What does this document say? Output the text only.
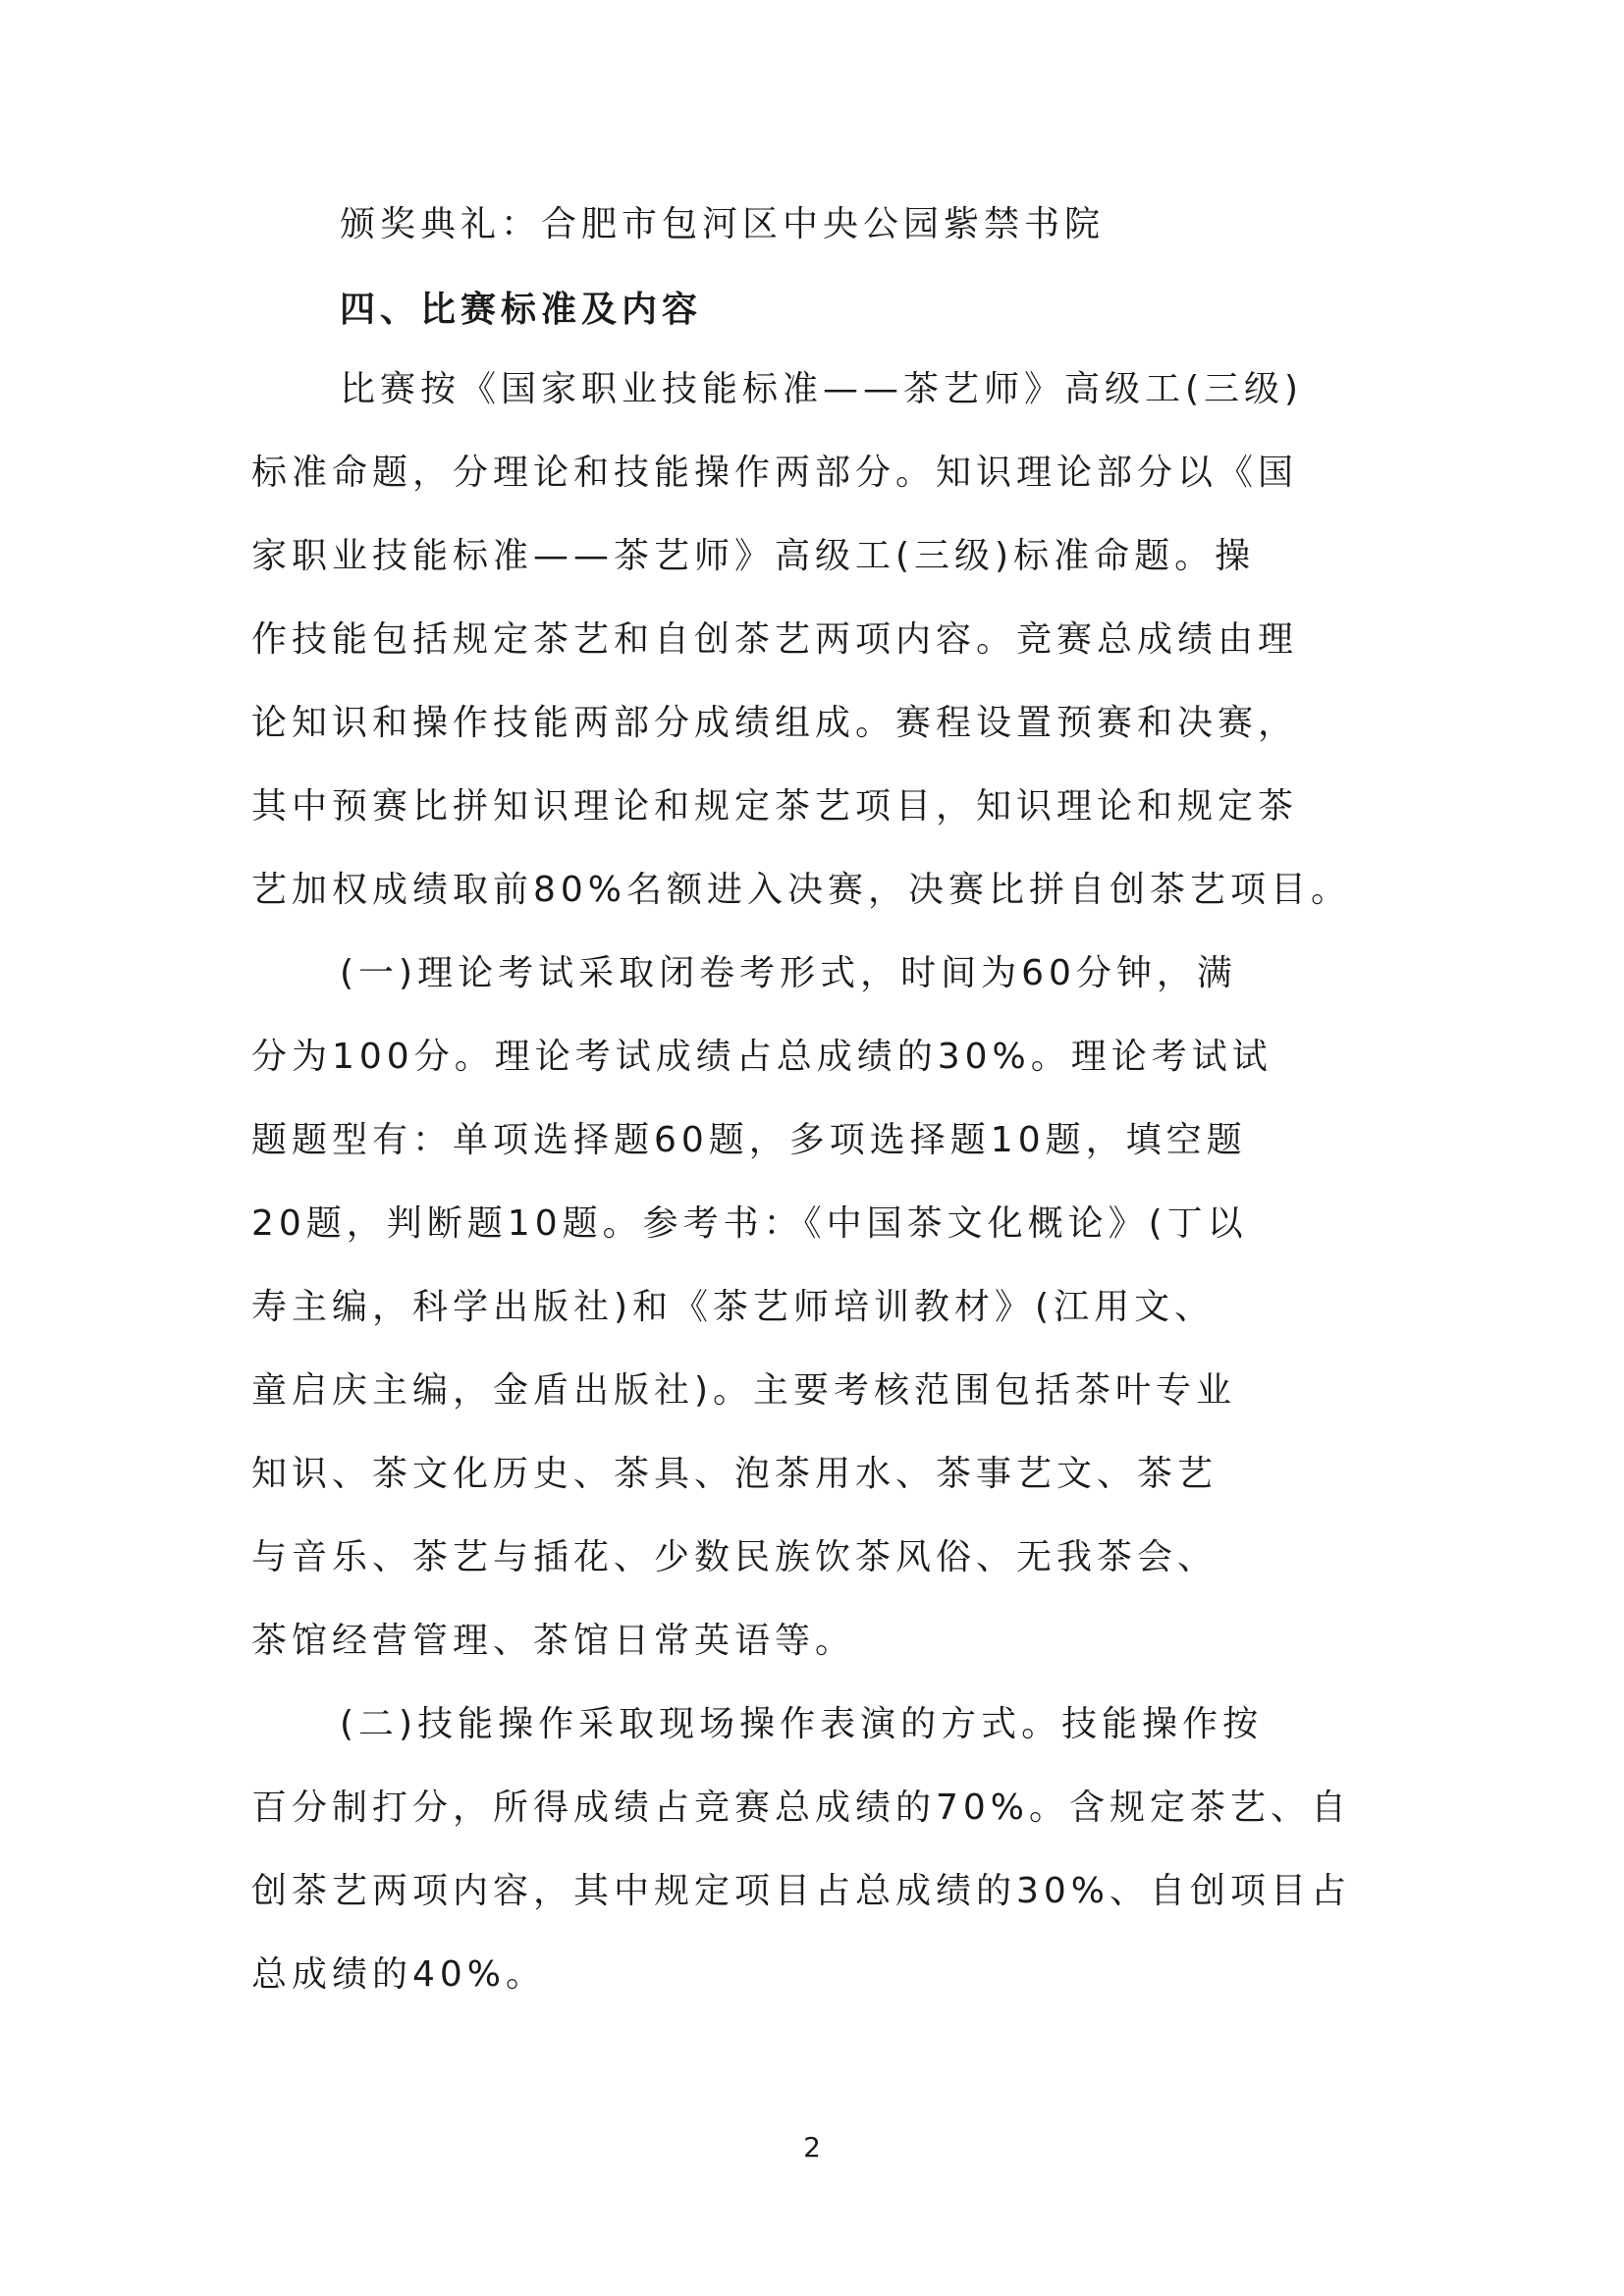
颁奖典礼：合肥市包河区中央公园紫禁书院
四、比赛标准及内容
比赛按《国家职业技能标准——茶艺师》高级工(三级)
标准命题，分理论和技能操作两部分。知识理论部分以《国
家职业技能标准——茶艺师》高级工(三级)标准命题。操
作技能包括规定茶艺和自创茶艺两项内容。竞赛总成绩由理
论知识和操作技能两部分成绩组成。赛程设置预赛和决赛，
其中预赛比拼知识理论和规定茶艺项目，知识理论和规定茶
艺加权成绩取前80%名额进入决赛，决赛比拼自创茶艺项目。
(一)理论考试采取闭卷考形式，时间为60分钟，满
分为100分。理论考试成绩占总成绩的30%。理论考试试
题题型有：单项选择题60题，多项选择题10题，填空题
20题，判断题10题。参考书：《中国茶文化概论》(丁以
寿主编，科学出版社)和《茶艺师培训教材》(江用文、
童启庆主编，金盾出版社)。主要考核范围包括茶叶专业
知识、茶文化历史、茶具、泡茶用水、茶事艺文、茶艺
与音乐、茶艺与插花、少数民族饮茶风俗、无我茶会、
茶馆经营管理、茶馆日常英语等。
(二)技能操作采取现场操作表演的方式。技能操作按
百分制打分，所得成绩占竞赛总成绩的70%。含规定茶艺、自
创茶艺两项内容，其中规定项目占总成绩的30%、自创项目占
总成绩的40%。
2
